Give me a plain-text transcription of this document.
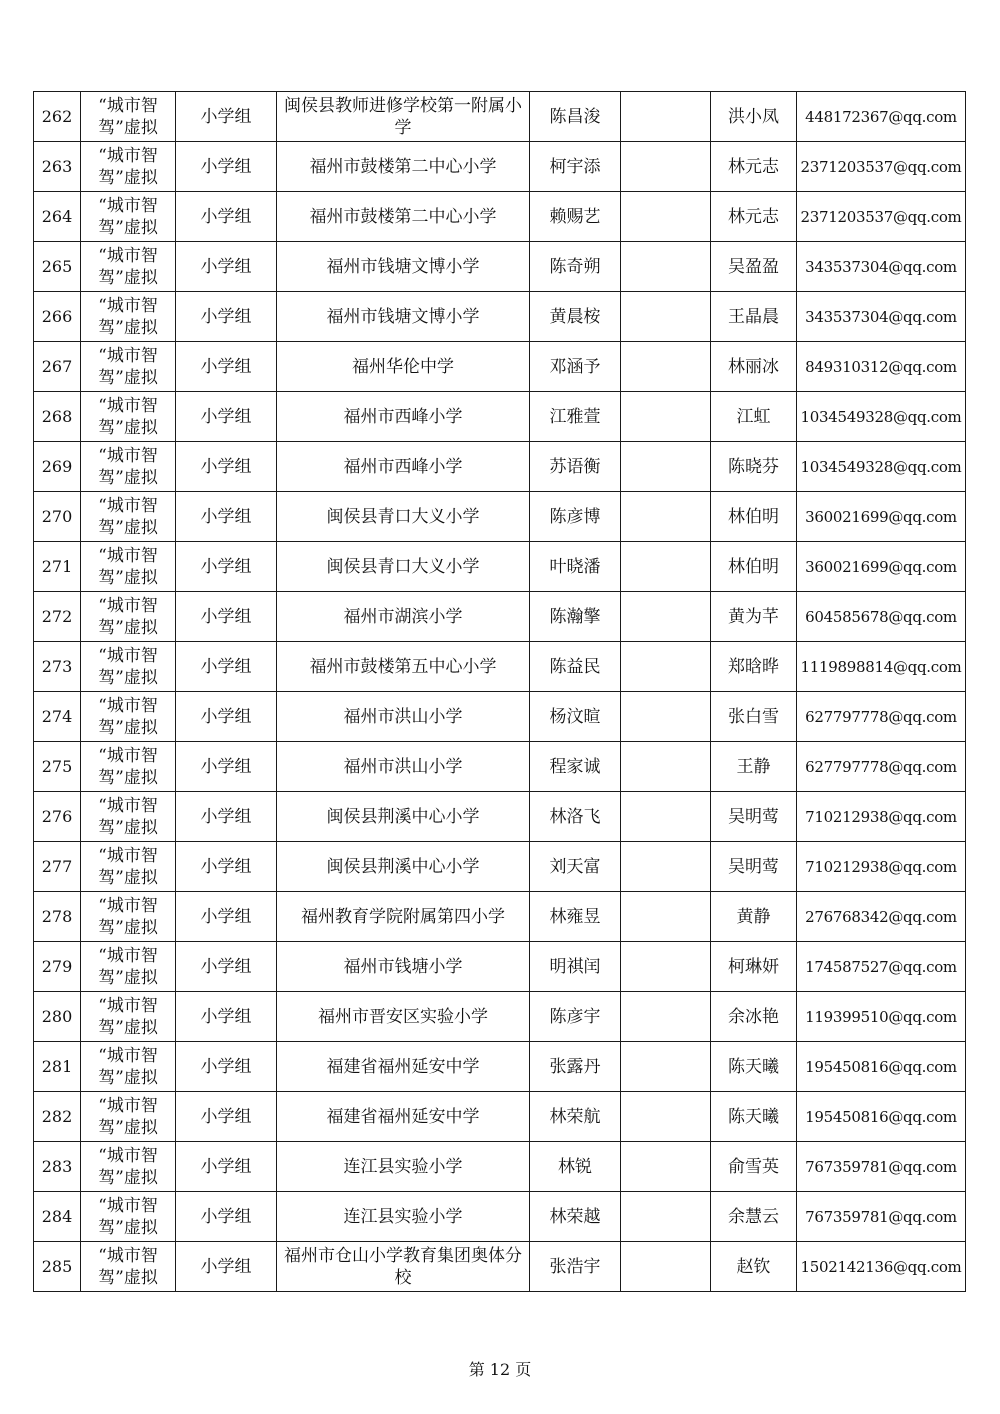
262	“城市智驾”虚拟	小学组	闽侯县教师进修学校第一附属小学	陈昌浚		洪小凤	448172367@qq.com
263	“城市智驾”虚拟	小学组	福州市鼓楼第二中心小学	柯宇添		林元志	2371203537@qq.com
264	“城市智驾”虚拟	小学组	福州市鼓楼第二中心小学	赖赐艺		林元志	2371203537@qq.com
265	“城市智驾”虚拟	小学组	福州市钱塘文博小学	陈奇朔		吴盈盈	343537304@qq.com
266	“城市智驾”虚拟	小学组	福州市钱塘文博小学	黄晨桉		王晶晨	343537304@qq.com
267	“城市智驾”虚拟	小学组	福州华伦中学	邓涵予		林丽冰	849310312@qq.com
268	“城市智驾”虚拟	小学组	福州市西峰小学	江雅萱		江虹	1034549328@qq.com
269	“城市智驾”虚拟	小学组	福州市西峰小学	苏语衡		陈晓芬	1034549328@qq.com
270	“城市智驾”虚拟	小学组	闽侯县青口大义小学	陈彦博		林伯明	360021699@qq.com
271	“城市智驾”虚拟	小学组	闽侯县青口大义小学	叶晓潘		林伯明	360021699@qq.com
272	“城市智驾”虚拟	小学组	福州市湖滨小学	陈瀚擎		黄为芊	604585678@qq.com
273	“城市智驾”虚拟	小学组	福州市鼓楼第五中心小学	陈益民		郑晗晔	1119898814@qq.com
274	“城市智驾”虚拟	小学组	福州市洪山小学	杨汶暄		张白雪	627797778@qq.com
275	“城市智驾”虚拟	小学组	福州市洪山小学	程家诚		王静	627797778@qq.com
276	“城市智驾”虚拟	小学组	闽侯县荆溪中心小学	林洛飞		吴明莺	710212938@qq.com
277	“城市智驾”虚拟	小学组	闽侯县荆溪中心小学	刘天富		吴明莺	710212938@qq.com
278	“城市智驾”虚拟	小学组	福州教育学院附属第四小学	林雍昱		黄静	276768342@qq.com
279	“城市智驾”虚拟	小学组	福州市钱塘小学	明祺闰		柯琳妍	174587527@qq.com
280	“城市智驾”虚拟	小学组	福州市晋安区实验小学	陈彦宇		余冰艳	119399510@qq.com
281	“城市智驾”虚拟	小学组	福建省福州延安中学	张露丹		陈天曦	195450816@qq.com
282	“城市智驾”虚拟	小学组	福建省福州延安中学	林荣航		陈天曦	195450816@qq.com
283	“城市智驾”虚拟	小学组	连江县实验小学	林锐		俞雪英	767359781@qq.com
284	“城市智驾”虚拟	小学组	连江县实验小学	林荣越		余慧云	767359781@qq.com
285	“城市智驾”虚拟	小学组	福州市仓山小学教育集团奥体分校	张浩宇		赵钦	1502142136@qq.com
第 12 页
